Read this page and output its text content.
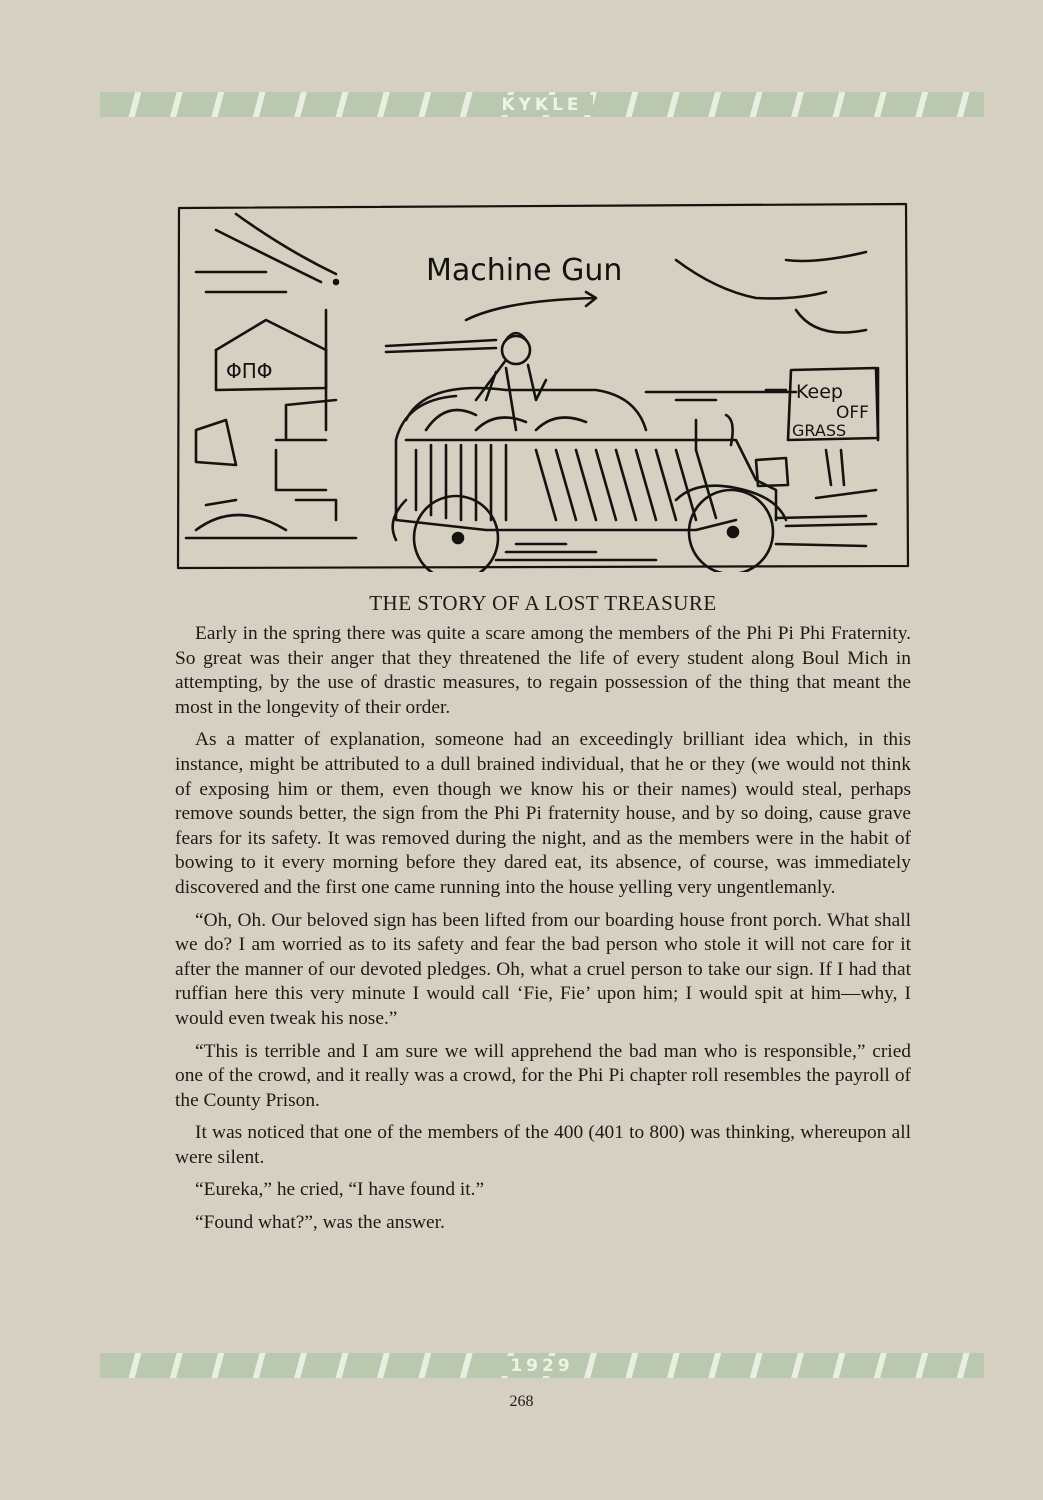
KYKLE
Machine Gun
ΦΠΦ
Keep
OFF
GRASS
THE STORY OF A LOST TREASURE

Early in the spring there was quite a scare among the members of the Phi Pi Phi Fraternity. So great was their anger that they threatened the life of every student along Boul Mich in attempting, by the use of drastic measures, to regain possession of the thing that meant the most in the longevity of their order.

As a matter of explanation, someone had an exceedingly brilliant idea which, in this instance, might be attributed to a dull brained individual, that he or they (we would not think of exposing him or them, even though we know his or their names) would steal, perhaps remove sounds better, the sign from the Phi Pi fraternity house, and by so doing, cause grave fears for its safety. It was removed during the night, and as the members were in the habit of bowing to it every morning before they dared eat, its absence, of course, was immediately discovered and the first one came running into the house yelling very ungentlemanly.

“Oh, Oh. Our beloved sign has been lifted from our boarding house front porch. What shall we do? I am worried as to its safety and fear the bad person who stole it will not care for it after the manner of our devoted pledges. Oh, what a cruel person to take our sign. If I had that ruffian here this very minute I would call ‘Fie, Fie’ upon him; I would spit at him—why, I would even tweak his nose.”

“This is terrible and I am sure we will apprehend the bad man who is responsible,” cried one of the crowd, and it really was a crowd, for the Phi Pi chapter roll resembles the payroll of the County Prison.

It was noticed that one of the members of the 400 (401 to 800) was thinking, whereupon all were silent.

“Eureka,” he cried, “I have found it.”

“Found what?”, was the answer.

1929
268
